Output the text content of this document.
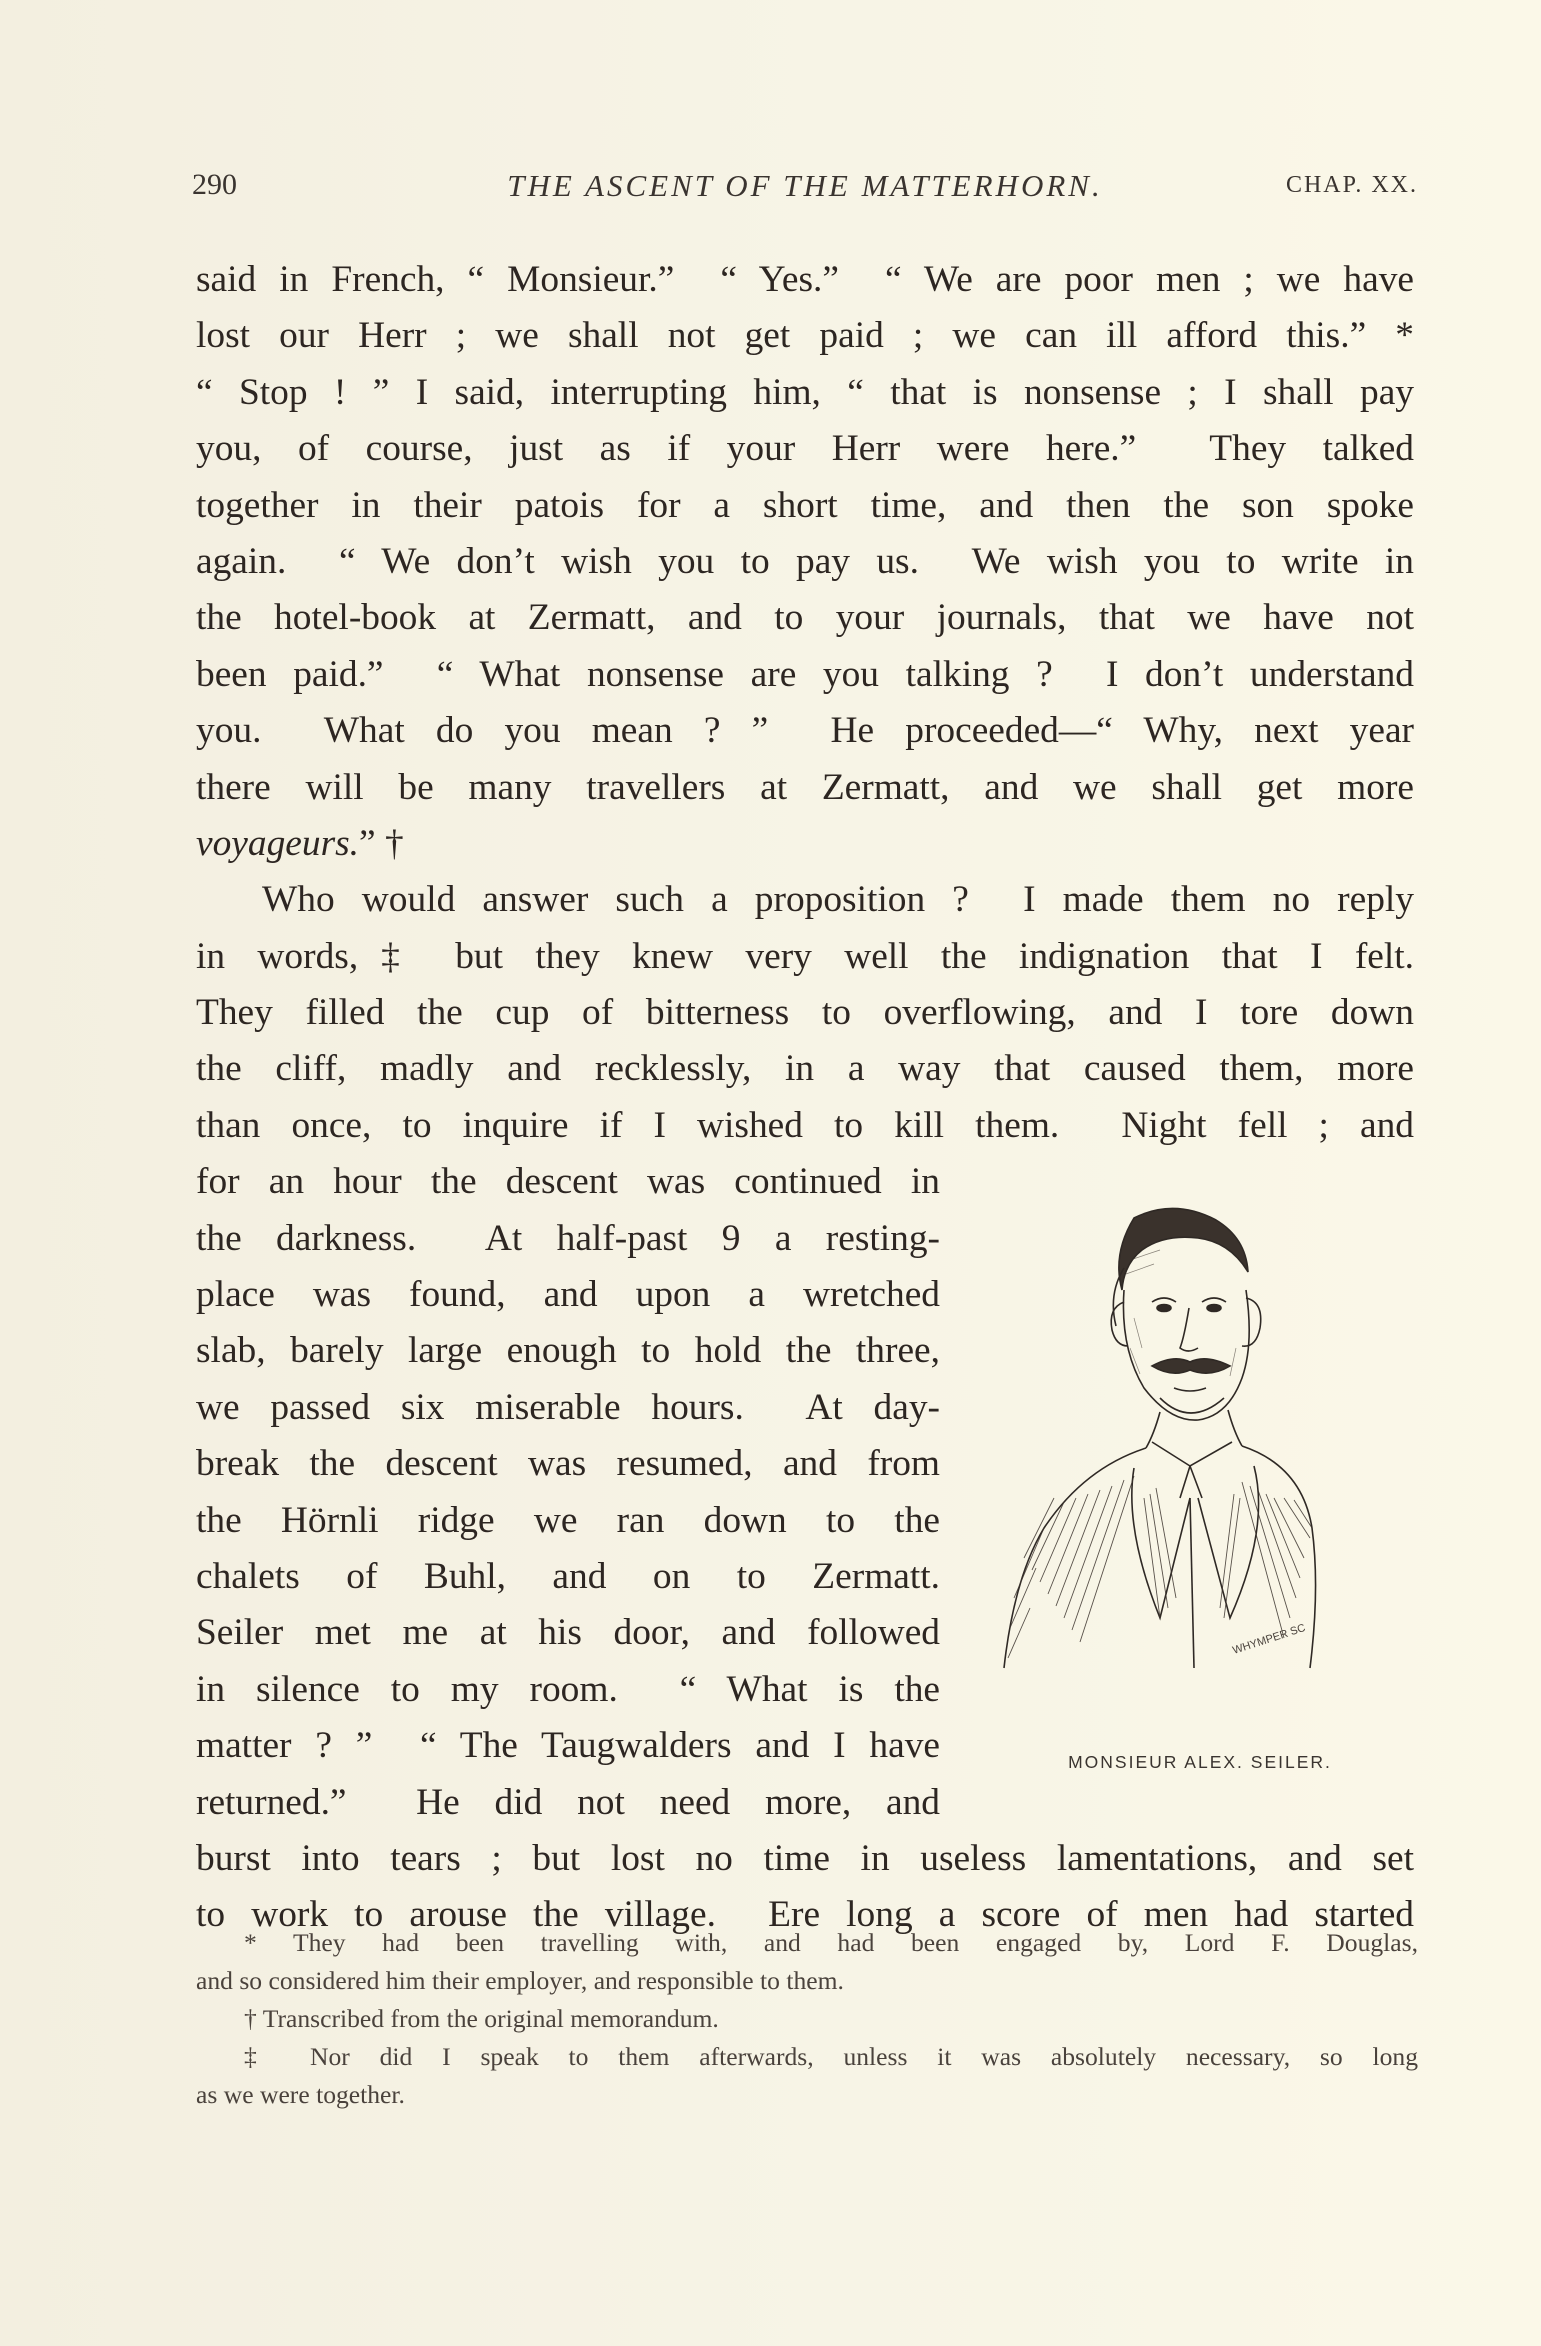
290	THE ASCENT OF THE MATTERHORN.	CHAP. XX.

said in French, “ Monsieur.”  “ Yes.”  “ We are poor men ; we have
lost our Herr ; we shall not get paid ; we can ill afford this.” *
“ Stop ! ” I said, interrupting him, “ that is nonsense ; I shall pay
you, of course, just as if your Herr were here.”  They talked
together in their patois for a short time, and then the son spoke
again.  “ We don’t wish you to pay us.  We wish you to write in
the hotel-book at Zermatt, and to your journals, that we have not
been paid.”  “ What nonsense are you talking ?  I don’t understand
you.  What do you mean ? ”  He proceeded—“ Why, next year
there will be many travellers at Zermatt, and we shall get more
voyageurs.” †

Who would answer such a proposition ?  I made them no reply
in words,‡ but they knew very well the indignation that I felt.
They filled the cup of bitterness to overflowing, and I tore down
the cliff, madly and recklessly, in a way that caused them, more
than once, to inquire if I wished to kill them.  Night fell ; and
for an hour the descent was continued in
the darkness.  At half-past 9 a resting-
place was found, and upon a wretched
slab, barely large enough to hold the three,
we passed six miserable hours.  At day-
break the descent was resumed, and from
the Hörnli ridge we ran down to the
chalets of Buhl, and on to Zermatt.
Seiler met me at his door, and followed
in silence to my room.  “ What is the
matter ? ”  “ The Taugwalders and I have
returned.”  He did not need more, and
burst into tears ; but lost no time in useless lamentations, and set
to work to arouse the village.  Ere long a score of men had started

WHYMPER SC
MONSIEUR ALEX. SEILER.
* They had been travelling with, and had been engaged by, Lord F. Douglas,
and so considered him their employer, and responsible to them.
† Transcribed from the original memorandum.
‡ Nor did I speak to them afterwards, unless it was absolutely necessary, so long
as we were together.
